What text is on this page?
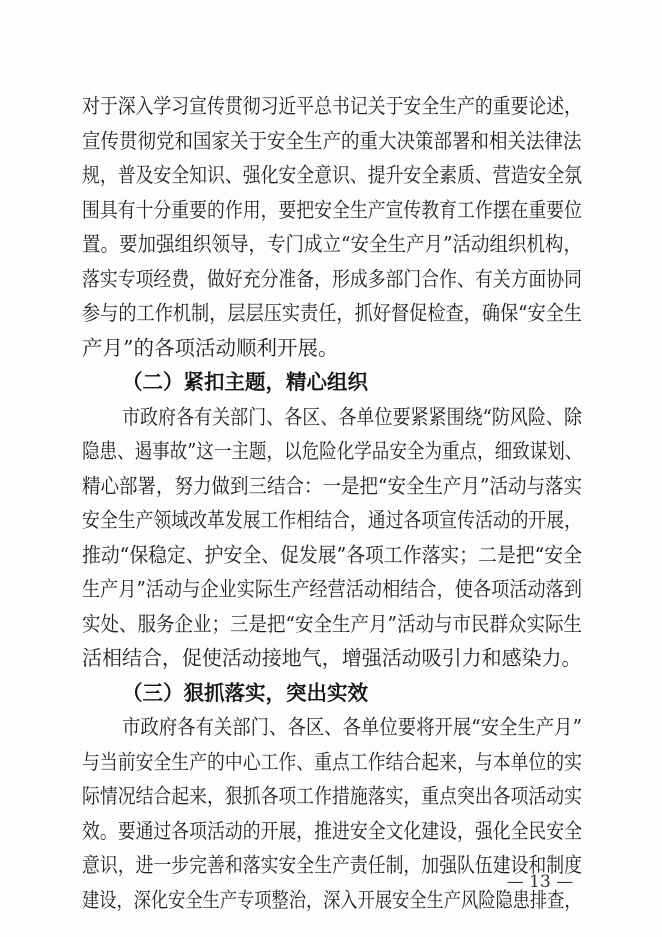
对于深入学习宣传贯彻习近平总书记关于安全生产的重要论述，
宣传贯彻党和国家关于安全生产的重大决策部署和相关法律法
规，普及安全知识、强化安全意识、提升安全素质、营造安全氛
围具有十分重要的作用，要把安全生产宣传教育工作摆在重要位
置。要加强组织领导，专门成立“安全生产月”活动组织机构，
落实专项经费，做好充分准备，形成多部门合作、有关方面协同
参与的工作机制，层层压实责任，抓好督促检查，确保“安全生
产月”的各项活动顺利开展。
（二）紧扣主题，精心组织
市政府各有关部门、各区、各单位要紧紧围绕“防风险、除
隐患、遏事故”这一主题，以危险化学品安全为重点，细致谋划、
精心部署，努力做到三结合：一是把“安全生产月”活动与落实
安全生产领域改革发展工作相结合，通过各项宣传活动的开展，
推动“保稳定、护安全、促发展”各项工作落实；二是把“安全
生产月”活动与企业实际生产经营活动相结合，使各项活动落到
实处、服务企业；三是把“安全生产月”活动与市民群众实际生
活相结合，促使活动接地气，增强活动吸引力和感染力。
（三）狠抓落实，突出实效
市政府各有关部门、各区、各单位要将开展“安全生产月”
与当前安全生产的中心工作、重点工作结合起来，与本单位的实
际情况结合起来，狠抓各项工作措施落实，重点突出各项活动实
效。要通过各项活动的开展，推进安全文化建设，强化全民安全
意识，进一步完善和落实安全生产责任制，加强队伍建设和制度
建设，深化安全生产专项整治，深入开展安全生产风险隐患排查，
— 13 —
